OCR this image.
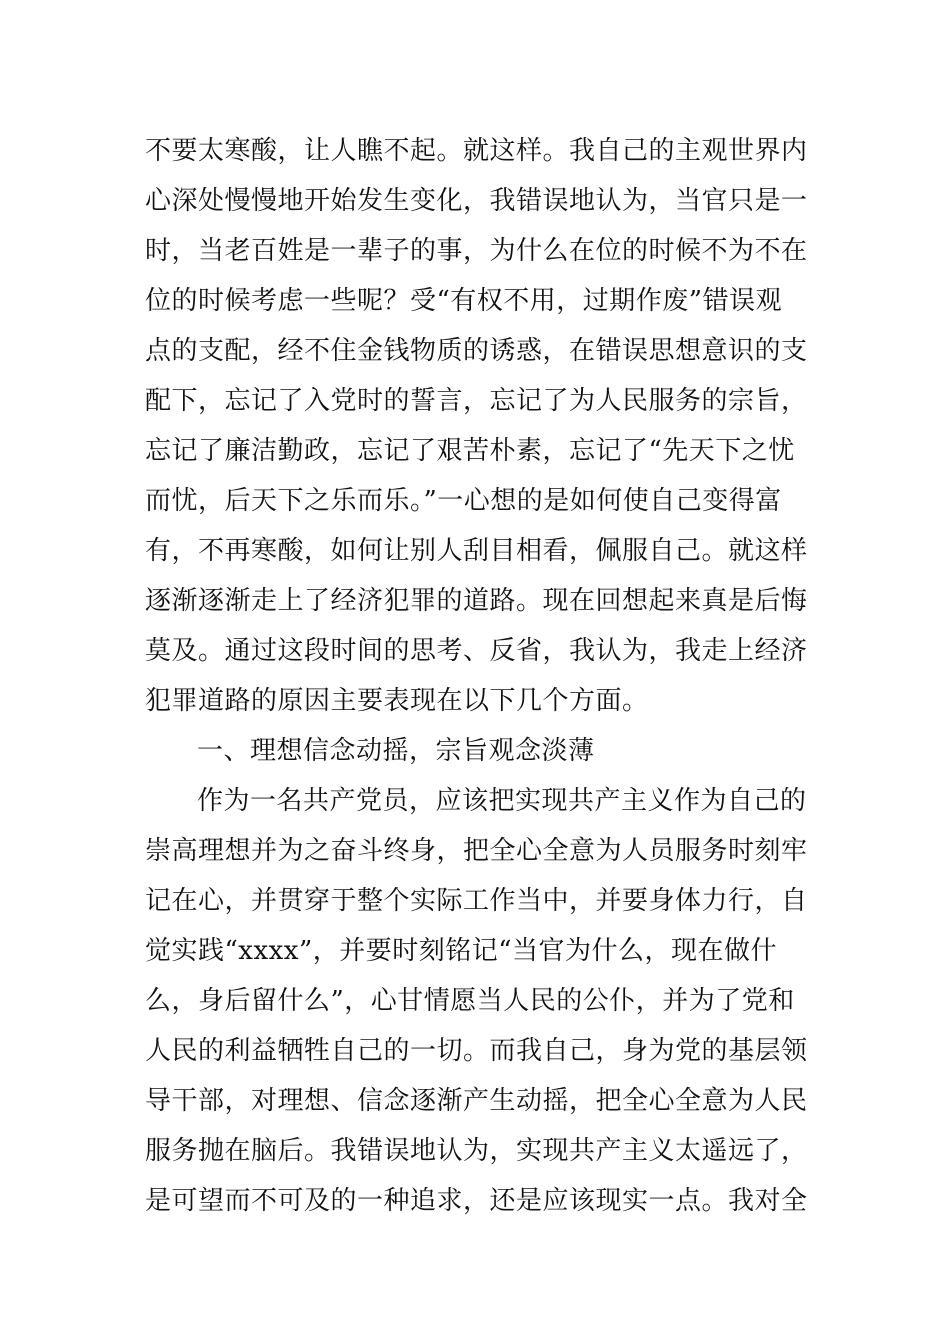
不要太寒酸，让人瞧不起。就这样。我自己的主观世界内
心深处慢慢地开始发生变化，我错误地认为，当官只是一
时，当老百姓是一辈子的事，为什么在位的时候不为不在
位的时候考虑一些呢？受“有权不用，过期作废”错误观
点的支配，经不住金钱物质的诱惑，在错误思想意识的支
配下，忘记了入党时的誓言，忘记了为人民服务的宗旨，
忘记了廉洁勤政，忘记了艰苦朴素，忘记了“先天下之忧
而忧，后天下之乐而乐。”一心想的是如何使自己变得富
有，不再寒酸，如何让别人刮目相看，佩服自己。就这样
逐渐逐渐走上了经济犯罪的道路。现在回想起来真是后悔
莫及。通过这段时间的思考、反省，我认为，我走上经济
犯罪道路的原因主要表现在以下几个方面。
一、理想信念动摇，宗旨观念淡薄
作为一名共产党员，应该把实现共产主义作为自己的
崇高理想并为之奋斗终身，把全心全意为人员服务时刻牢
记在心，并贯穿于整个实际工作当中，并要身体力行，自
觉实践“xxxx”，并要时刻铭记“当官为什么，现在做什
么，身后留什么”，心甘情愿当人民的公仆，并为了党和
人民的利益牺牲自己的一切。而我自己，身为党的基层领
导干部，对理想、信念逐渐产生动摇，把全心全意为人民
服务抛在脑后。我错误地认为，实现共产主义太遥远了，
是可望而不可及的一种追求，还是应该现实一点。我对全
